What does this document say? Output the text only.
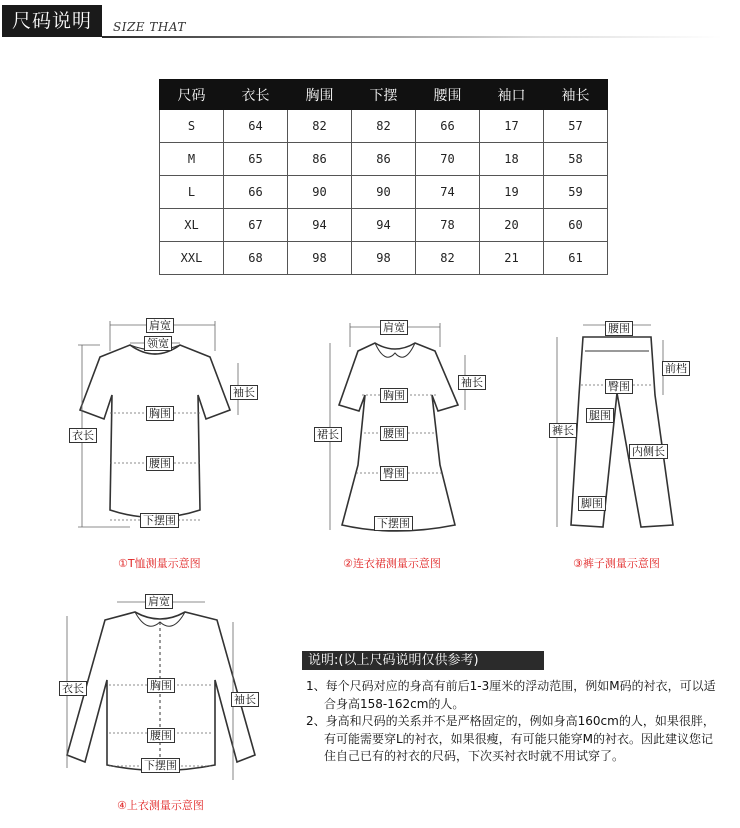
尺码说明	SIZE THAT
尺码	衣长	胸围	下摆	腰围	袖口	袖长
S	64	82	82	66	17	57
M	65	86	86	70	18	58
L	66	90	90	74	19	59
XL	67	94	94	78	20	60
XXL	68	98	98	82	21	61
肩宽
领宽
袖长
衣长
胸围
腰围
下摆围
①T恤测量示意图
肩宽
袖长
胸围
裙长	腰围
臀围
下摆围
②连衣裙测量示意图
腰围
前档
臀围
腿围
裤长
内侧长
脚围
③裤子测量示意图
肩宽
衣长	胸围
袖长
腰围
下摆围
④上衣测量示意图
说明:(以上尺码说明仅供参考)

1、每个尺码对应的身高有前后1-3厘米的浮动范围，例如M码的衬衣，可以适合身高158-162cm的人。

2、身高和尺码的关系并不是严格固定的，例如身高160cm的人，如果很胖，有可能需要穿L的衬衣，如果很瘦，有可能只能穿M的衬衣。因此建议您记住自己已有的衬衣的尺码，下次买衬衣时就不用试穿了。
